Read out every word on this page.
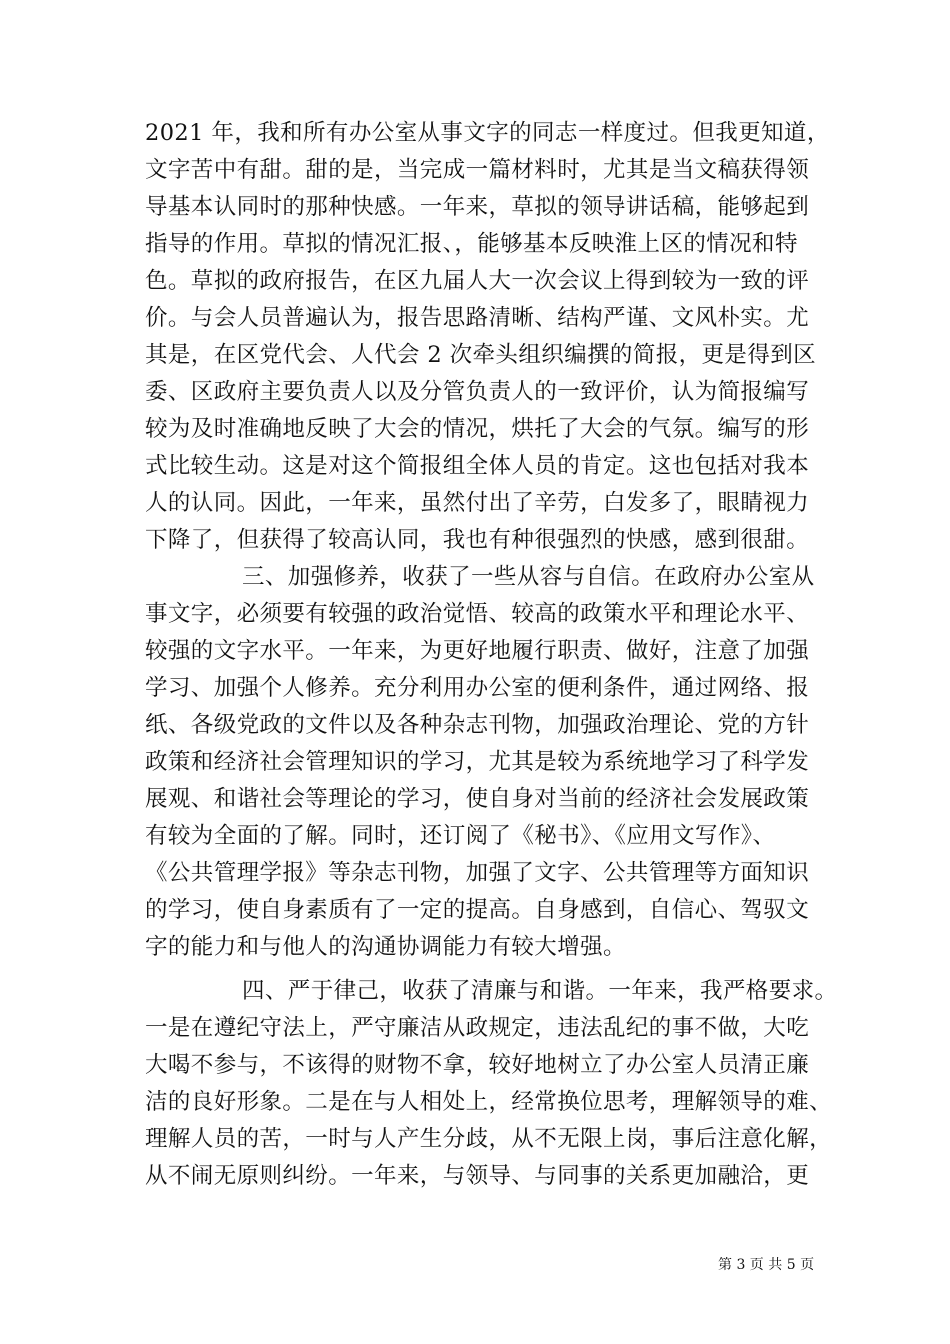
2021 年，我和所有办公室从事文字的同志一样度过。但我更知道，
文字苦中有甜。甜的是，当完成一篇材料时，尤其是当文稿获得领
导基本认同时的那种快感。一年来，草拟的领导讲话稿，能够起到
指导的作用。草拟的情况汇报、，能够基本反映淮上区的情况和特
色。草拟的政府报告，在区九届人大一次会议上得到较为一致的评
价。与会人员普遍认为，报告思路清晰、结构严谨、文风朴实。尤
其是，在区党代会、人代会 2 次牵头组织编撰的简报，更是得到区
委、区政府主要负责人以及分管负责人的一致评价，认为简报编写
较为及时准确地反映了大会的情况，烘托了大会的气氛。编写的形
式比较生动。这是对这个简报组全体人员的肯定。这也包括对我本
人的认同。因此，一年来，虽然付出了辛劳，白发多了，眼睛视力
下降了，但获得了较高认同，我也有种很强烈的快感，感到很甜。
三、加强修养，收获了一些从容与自信。在政府办公室从
事文字，必须要有较强的政治觉悟、较高的政策水平和理论水平、
较强的文字水平。一年来，为更好地履行职责、做好，注意了加强
学习、加强个人修养。充分利用办公室的便利条件，通过网络、报
纸、各级党政的文件以及各种杂志刊物，加强政治理论、党的方针
政策和经济社会管理知识的学习，尤其是较为系统地学习了科学发
展观、和谐社会等理论的学习，使自身对当前的经济社会发展政策
有较为全面的了解。同时，还订阅了《秘书》、《应用文写作》、
《公共管理学报》等杂志刊物，加强了文字、公共管理等方面知识
的学习，使自身素质有了一定的提高。自身感到，自信心、驾驭文
字的能力和与他人的沟通协调能力有较大增强。
四、严于律己，收获了清廉与和谐。一年来，我严格要求。
一是在遵纪守法上，严守廉洁从政规定，违法乱纪的事不做，大吃
大喝不参与，不该得的财物不拿，较好地树立了办公室人员清正廉
洁的良好形象。二是在与人相处上，经常换位思考，理解领导的难、
理解人员的苦，一时与人产生分歧，从不无限上岗，事后注意化解，
从不闹无原则纠纷。一年来，与领导、与同事的关系更加融洽，更
第 3 页 共 5 页
